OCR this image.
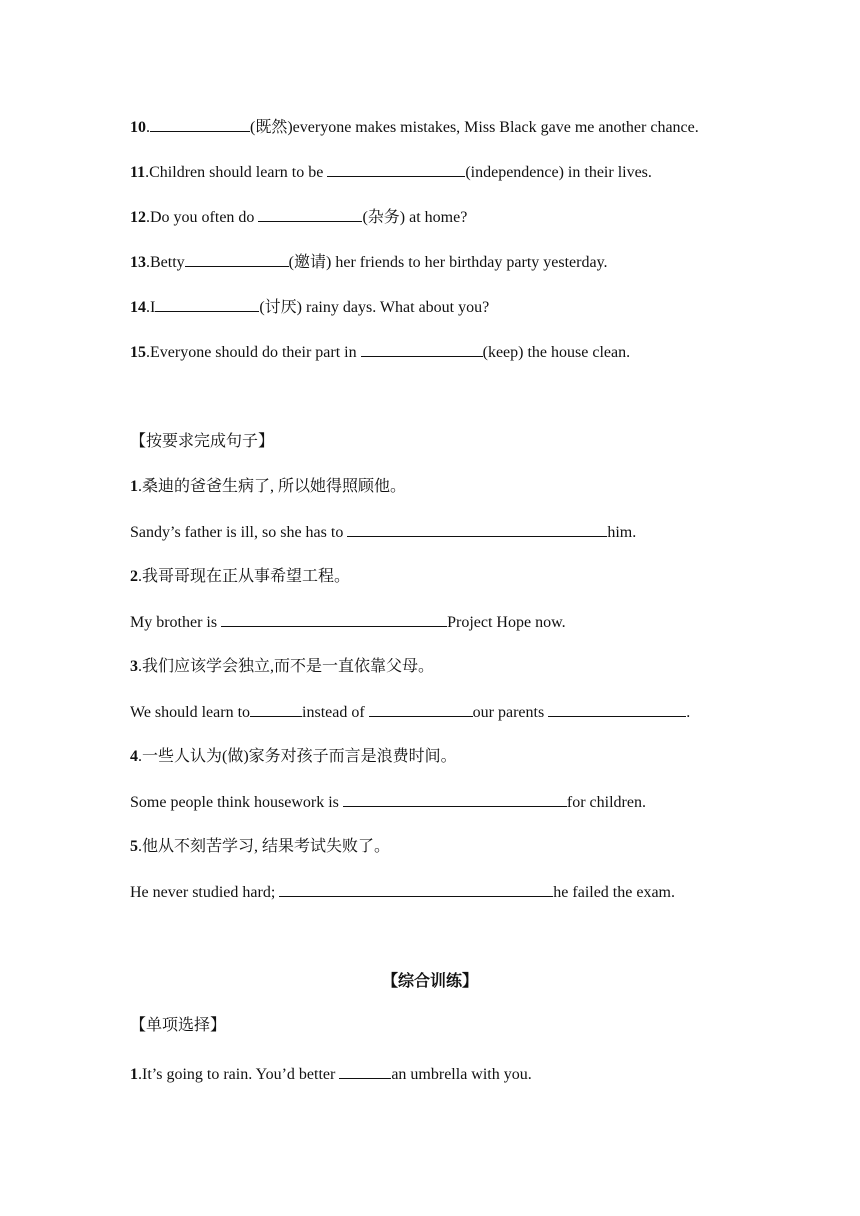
10.	(既然)everyone makes mistakes, Miss Black gave me another chance.
11.Children should learn to be	(independence) in their lives.
12.Do you often do	(杂务) at home?
13.Betty	(邀请) her friends to her birthday party yesterday.
14.I	(讨厌) rainy days. What about you?
15.Everyone should do their part in	(keep) the house clean.
【按要求完成句子】
1.桑迪的爸爸生病了, 所以她得照顾他。
Sandy’s father is ill, so she has to	him.
2.我哥哥现在正从事希望工程。
My brother is	Project Hope now.
3.我们应该学会独立,而不是一直依靠父母。
We should learn to	instead of	our parents	.
4.一些人认为(做)家务对孩子而言是浪费时间。
Some people think housework is	for children.
5.他从不刻苦学习, 结果考试失败了。
He never studied hard;	he failed the exam.
【综合训练】
【单项选择】
1.It’s going to rain. You’d better	an umbrella with you.
